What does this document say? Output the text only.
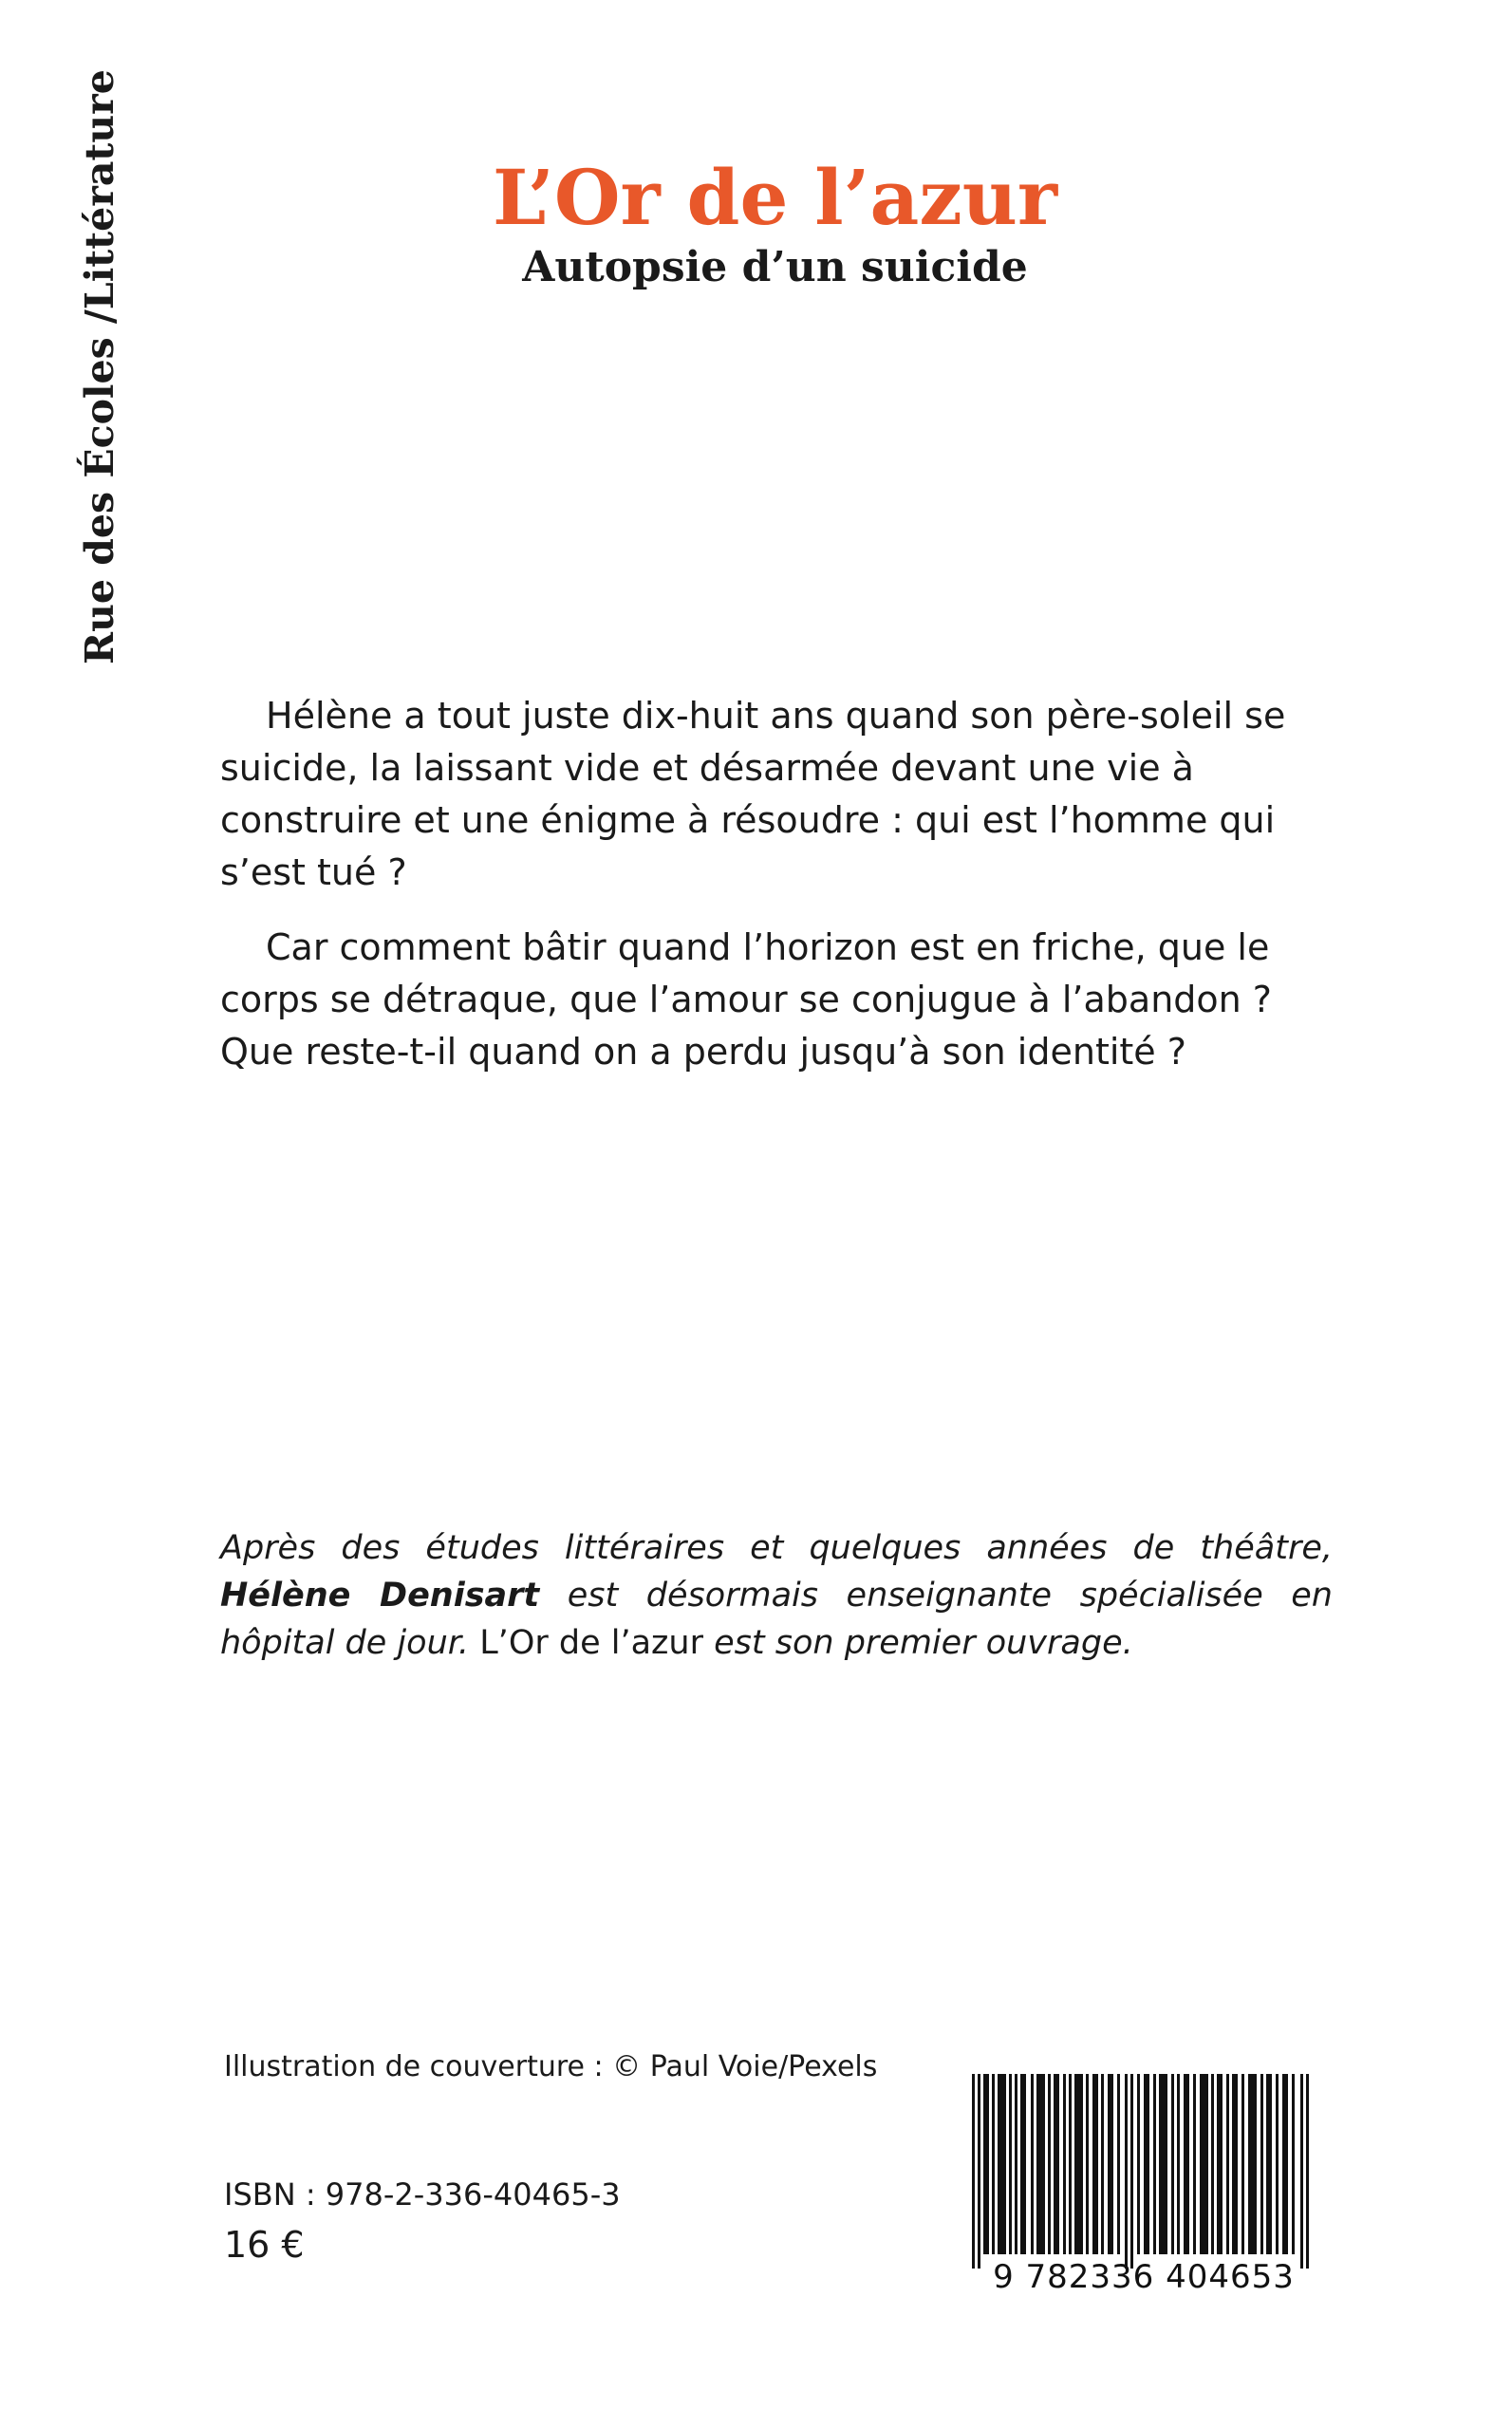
Rue des Écoles /Littérature	L’Or de l’azur
Autopsie d’un suicide

Hélène a tout juste dix-huit ans quand son père-soleil se suicide, la laissant vide et désarmée devant une vie à construire et une énigme à résoudre : qui est l’homme qui s’est tué ?

Car comment bâtir quand l’horizon est en friche, que le corps se détraque, que l’amour se conjugue à l’abandon ? Que reste-t-il quand on a perdu jusqu’à son identité ?

Après des études littéraires et quelques années de théâtre, Hélène Denisart est désormais enseignante spécialisée en hôpital de jour. L’Or de l’azur est son premier ouvrage.
Illustration de couverture : © Paul Voie/Pexels
ISBN : 978-2-336-40465-3
16 €
9 782336 404653
